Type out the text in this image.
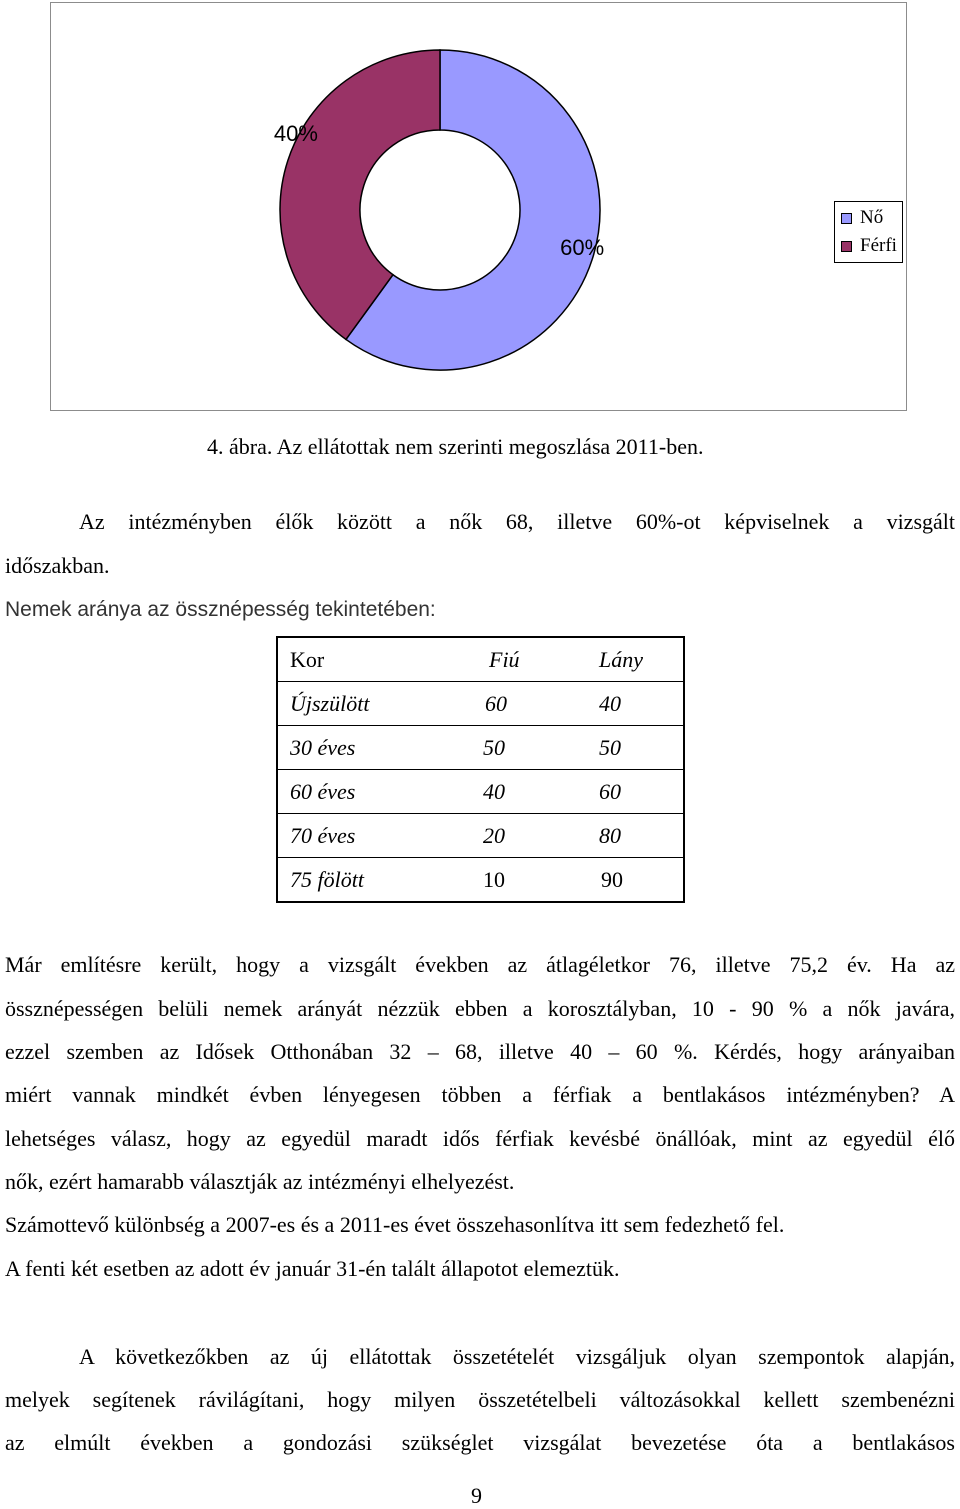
60%
40%
Nő
Férfi
4. ábra. Az ellátottak nem szerinti megoszlása 2011-ben.
Az intézményben élők között a nők 68, illetve 60%-ot képviselnek a vizsgált
időszakban.
Nemek aránya az össznépesség tekintetében:
Kor	Fiú	Lány
Újszülött	60	40
30 éves	50	50
60 éves	40	60
70 éves	20	80
75 fölött	10	90
Már említésre került, hogy a vizsgált években az átlagéletkor 76, illetve 75,2 év. Ha az
össznépességen belüli nemek arányát nézzük ebben a korosztályban, 10 - 90 % a nők javára,
ezzel szemben az Idősek Otthonában 32 – 68, illetve 40 – 60 %. Kérdés, hogy arányaiban
miért vannak mindkét évben lényegesen többen a férfiak a bentlakásos intézményben? A
lehetséges válasz, hogy az egyedül maradt idős férfiak kevésbé önállóak, mint az egyedül élő
nők, ezért hamarabb választják az intézményi elhelyezést.
Számottevő különbség a 2007-es és a 2011-es évet összehasonlítva itt sem fedezhető fel.
A fenti két esetben az adott év január 31-én talált állapotot elemeztük.
A következőkben az új ellátottak összetételét vizsgáljuk olyan szempontok alapján,
melyek segítenek rávilágítani, hogy milyen összetételbeli változásokkal kellett szembenézni
az elmúlt években a gondozási szükséglet vizsgálat bevezetése óta a bentlakásos
9
